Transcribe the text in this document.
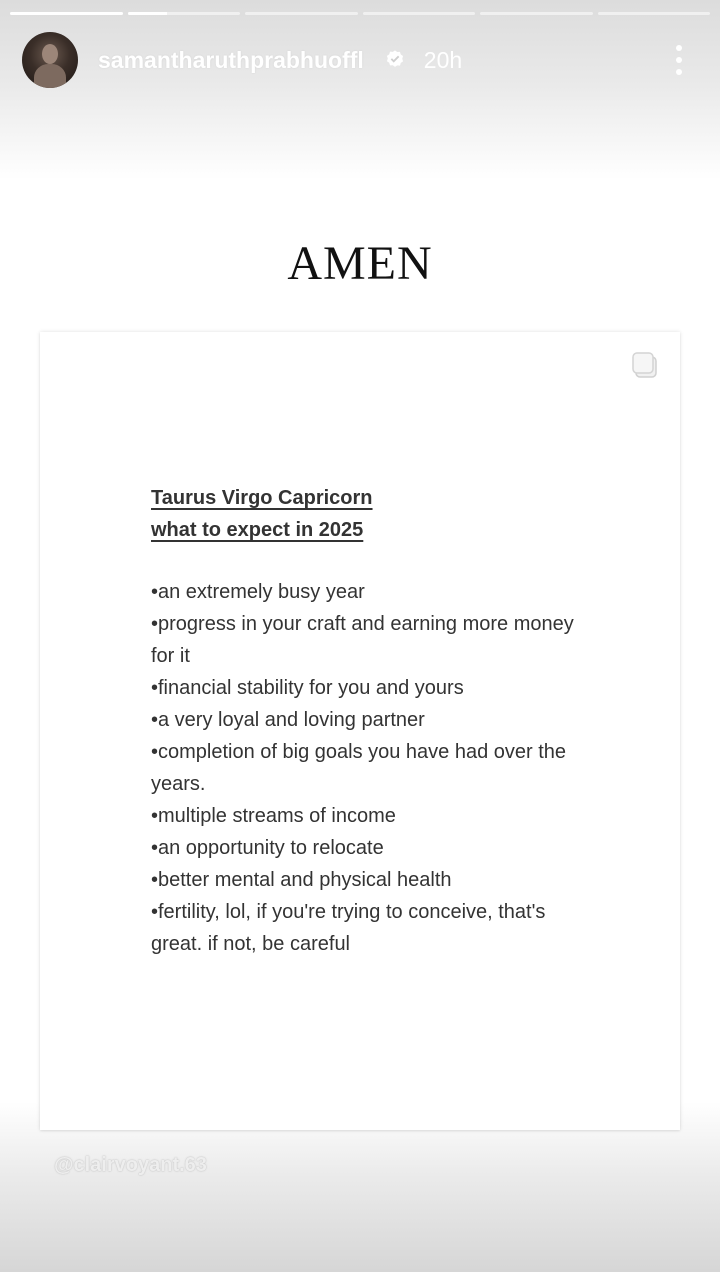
samantharuthprabhuoffl	20h
AMEN
Taurus Virgo Capricorn
what to expect in 2025
•an extremely busy year
•progress in your craft and earning more money for it
•financial stability for you and yours
•a very loyal and loving partner
•completion of big goals you have had over the years.
•multiple streams of income
•an opportunity to relocate
•better mental and physical health
•fertility, lol, if you're trying to conceive, that's great. if not, be careful
@clairvoyant.63
